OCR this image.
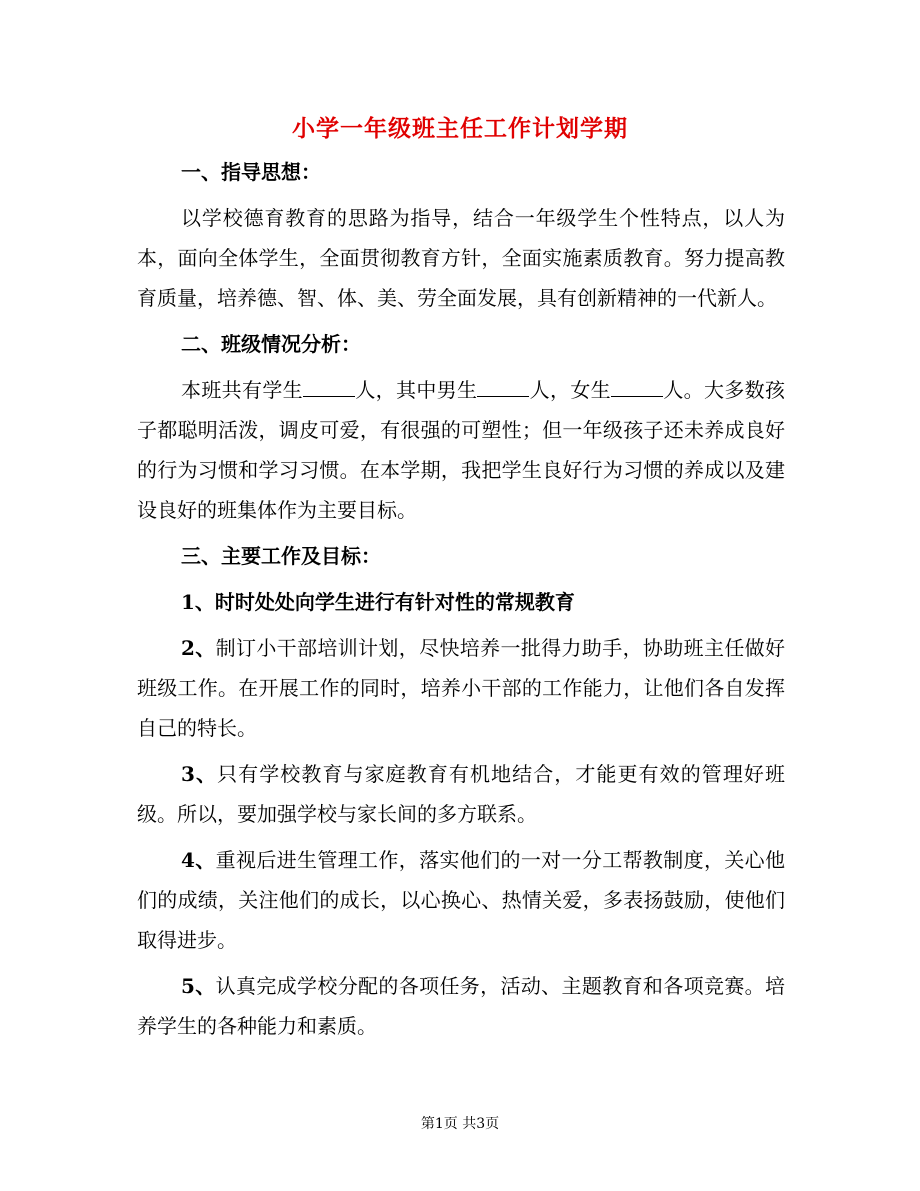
小学一年级班主任工作计划学期

一、指导思想：

以学校德育教育的思路为指导，结合一年级学生个性特点，以人为本，面向全体学生，全面贯彻教育方针，全面实施素质教育。努力提高教育质量，培养德、智、体、美、劳全面发展，具有创新精神的一代新人。

二、班级情况分析：

本班共有学生	人，其中男生	人，女生	人。大多数孩子都聪明活泼，调皮可爱，有很强的可塑性；但一年级孩子还未养成良好的行为习惯和学习习惯。在本学期，我把学生良好行为习惯的养成以及建设良好的班集体作为主要目标。

三、主要工作及目标：

1、时时处处向学生进行有针对性的常规教育

2、制订小干部培训计划，尽快培养一批得力助手，协助班主任做好班级工作。在开展工作的同时，培养小干部的工作能力，让他们各自发挥自己的特长。

3、只有学校教育与家庭教育有机地结合，才能更有效的管理好班级。所以，要加强学校与家长间的多方联系。

4、重视后进生管理工作，落实他们的一对一分工帮教制度，关心他们的成绩，关注他们的成长，以心换心、热情关爱，多表扬鼓励，使他们取得进步。

5、认真完成学校分配的各项任务，活动、主题教育和各项竞赛。培养学生的各种能力和素质。

第1页 共3页
